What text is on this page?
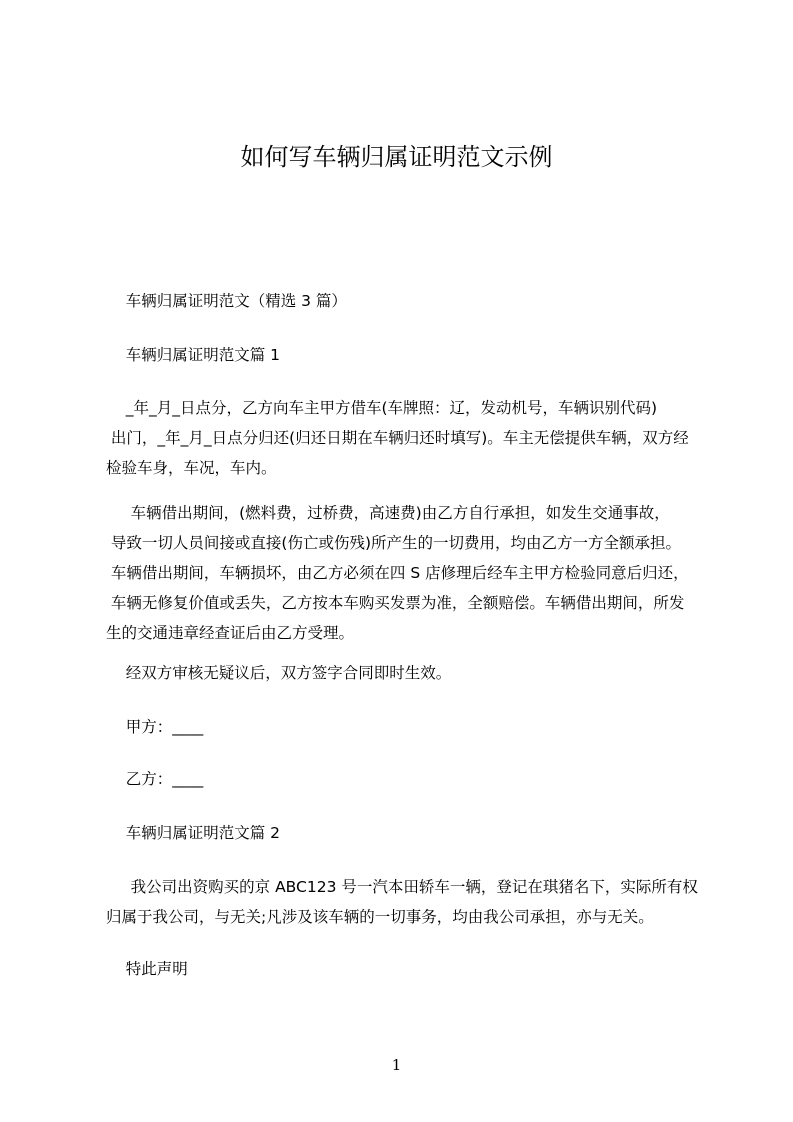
如何写车辆归属证明范文示例

车辆归属证明范文（精选 3 篇）

车辆归属证明范文篇 1

_年_月_日点分，乙方向车主甲方借车(车牌照：辽，发动机号，车辆识别代码)
出门，_年_月_日点分归还(归还日期在车辆归还时填写)。车主无偿提供车辆，双方经
检验车身，车况，车内。

车辆借出期间，(燃料费，过桥费，高速费)由乙方自行承担，如发生交通事故，
导致一切人员间接或直接(伤亡或伤残)所产生的一切费用，均由乙方一方全额承担。
车辆借出期间，车辆损坏，由乙方必须在四 S 店修理后经车主甲方检验同意后归还，
车辆无修复价值或丢失，乙方按本车购买发票为准，全额赔偿。车辆借出期间，所发
生的交通违章经查证后由乙方受理。

经双方审核无疑议后，双方签字合同即时生效。

甲方：____

乙方：____

车辆归属证明范文篇 2

我公司出资购买的京 ABC123 号一汽本田轿车一辆，登记在琪猪名下，实际所有权
归属于我公司，与无关;凡涉及该车辆的一切事务，均由我公司承担，亦与无关。

特此声明

1
